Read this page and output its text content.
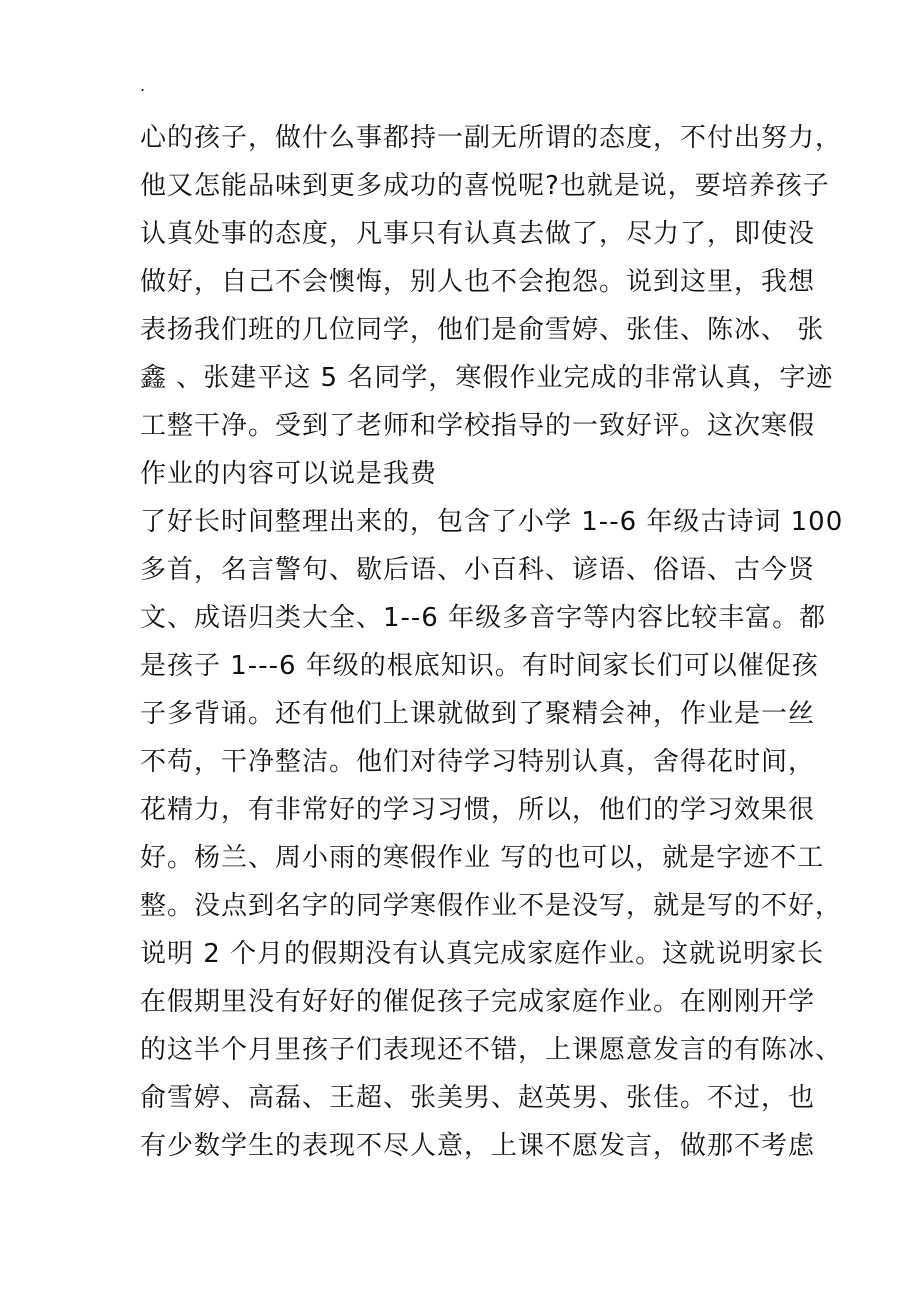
.
心的孩子，做什么事都持一副无所谓的态度，不付出努力，
他又怎能品味到更多成功的喜悦呢?也就是说，要培养孩子
认真处事的态度，凡事只有认真去做了，尽力了，即使没
做好，自己不会懊悔，别人也不会抱怨。说到这里，我想
表扬我们班的几位同学，他们是俞雪婷、张佳、陈冰、 张
鑫 、张建平这 5 名同学，寒假作业完成的非常认真，字迹
工整干净。受到了老师和学校指导的一致好评。这次寒假
作业的内容可以说是我费
了好长时间整理出来的，包含了小学 1--6 年级古诗词 100
多首，名言警句、歇后语、小百科、谚语、俗语、古今贤
文、成语归类大全、1--6 年级多音字等内容比较丰富。都
是孩子 1---6 年级的根底知识。有时间家长们可以催促孩
子多背诵。还有他们上课就做到了聚精会神，作业是一丝
不苟，干净整洁。他们对待学习特别认真，舍得花时间，
花精力，有非常好的学习习惯，所以，他们的学习效果很
好。杨兰、周小雨的寒假作业 写的也可以，就是字迹不工
整。没点到名字的同学寒假作业不是没写，就是写的不好，
说明 2 个月的假期没有认真完成家庭作业。这就说明家长
在假期里没有好好的催促孩子完成家庭作业。在刚刚开学
的这半个月里孩子们表现还不错，上课愿意发言的有陈冰、
俞雪婷、高磊、王超、张美男、赵英男、张佳。不过，也
有少数学生的表现不尽人意，上课不愿发言，做那不考虑
